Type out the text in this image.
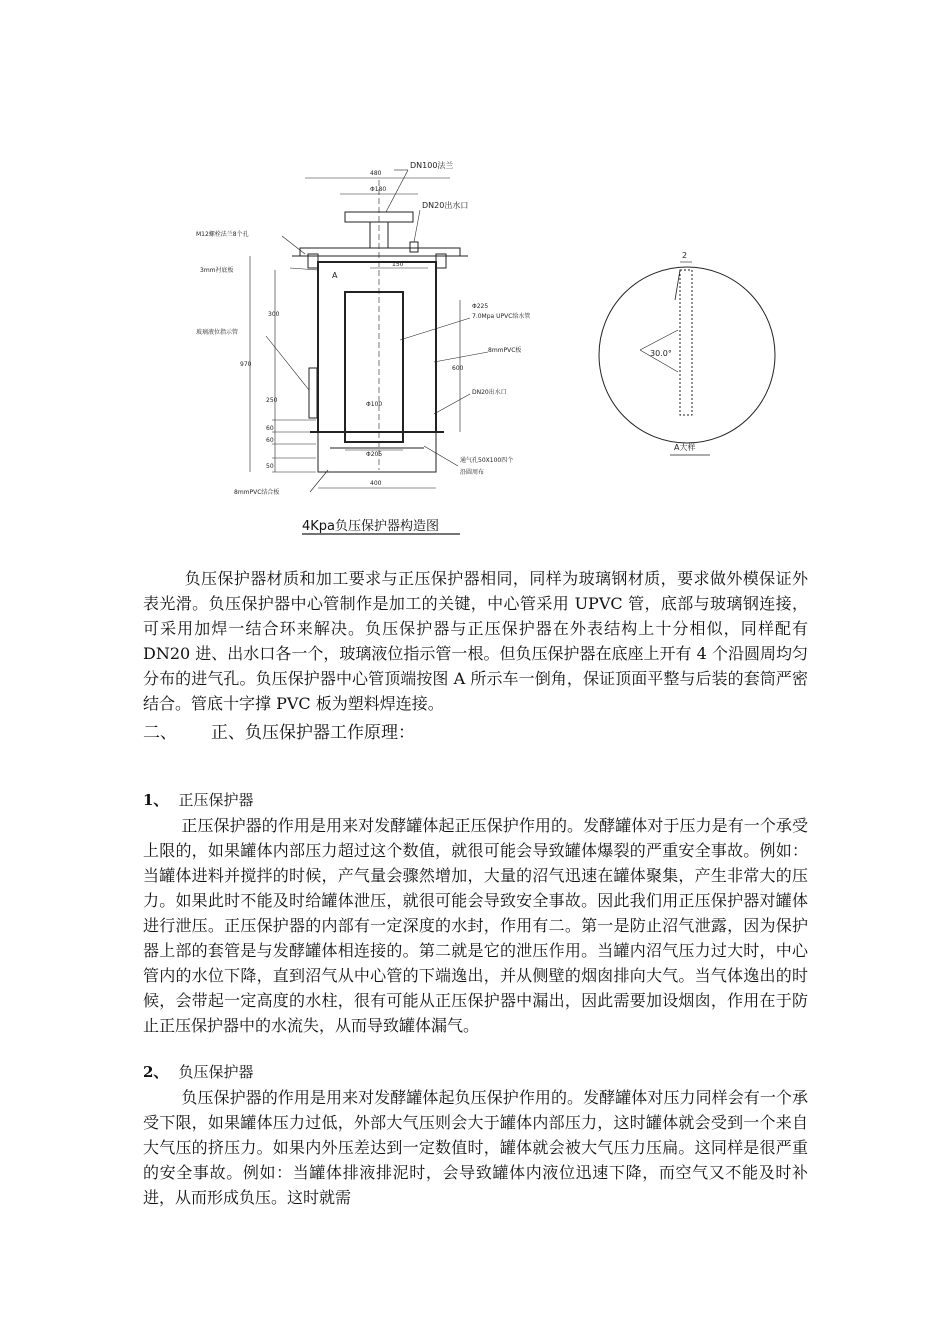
DN100法兰
DN20出水口
M12螺栓法兰8个孔
3mm衬底板
玻璃液位指示管
Φ225
7.0Mpa UPVC给水管
8mmPVC板
DN20出水口
通气孔50X100四个
沿圆周布
8mmPVC结合板
A
480
Φ180
150
300
970
250
600
60
60
50
400
Φ100
Φ205
2
30.0°
A大样
4Kpa负压保护器构造图

负压保护器材质和加工要求与正压保护器相同，同样为玻璃钢材质，要求做外模保证外表光滑。负压保护器中心管制作是加工的关键，中心管采用 UPVC 管，底部与玻璃钢连接，可采用加焊一结合环来解决。负压保护器与正压保护器在外表结构上十分相似，同样配有 DN20 进、出水口各一个，玻璃液位指示管一根。但负压保护器在底座上开有 4 个沿圆周均匀分布的进气孔。负压保护器中心管顶端按图 A 所示车一倒角，保证顶面平整与后装的套筒严密结合。管底十字撑 PVC 板为塑料焊连接。

二、 正、负压保护器工作原理：

1、 正压保护器

正压保护器的作用是用来对发酵罐体起正压保护作用的。发酵罐体对于压力是有一个承受上限的，如果罐体内部压力超过这个数值，就很可能会导致罐体爆裂的严重安全事故。例如：当罐体进料并搅拌的时候，产气量会骤然增加，大量的沼气迅速在罐体聚集，产生非常大的压力。如果此时不能及时给罐体泄压，就很可能会导致安全事故。因此我们用正压保护器对罐体进行泄压。正压保护器的内部有一定深度的水封，作用有二。第一是防止沼气泄露，因为保护器上部的套管是与发酵罐体相连接的。第二就是它的泄压作用。当罐内沼气压力过大时，中心管内的水位下降，直到沼气从中心管的下端逸出，并从侧壁的烟囱排向大气。当气体逸出的时候，会带起一定高度的水柱，很有可能从正压保护器中漏出，因此需要加设烟囱，作用在于防止正压保护器中的水流失，从而导致罐体漏气。

2、 负压保护器

负压保护器的作用是用来对发酵罐体起负压保护作用的。发酵罐体对压力同样会有一个承受下限，如果罐体压力过低，外部大气压则会大于罐体内部压力，这时罐体就会受到一个来自大气压的挤压力。如果内外压差达到一定数值时，罐体就会被大气压力压扁。这同样是很严重的安全事故。例如：当罐体排液排泥时，会导致罐体内液位迅速下降，而空气又不能及时补进，从而形成负压。这时就需
